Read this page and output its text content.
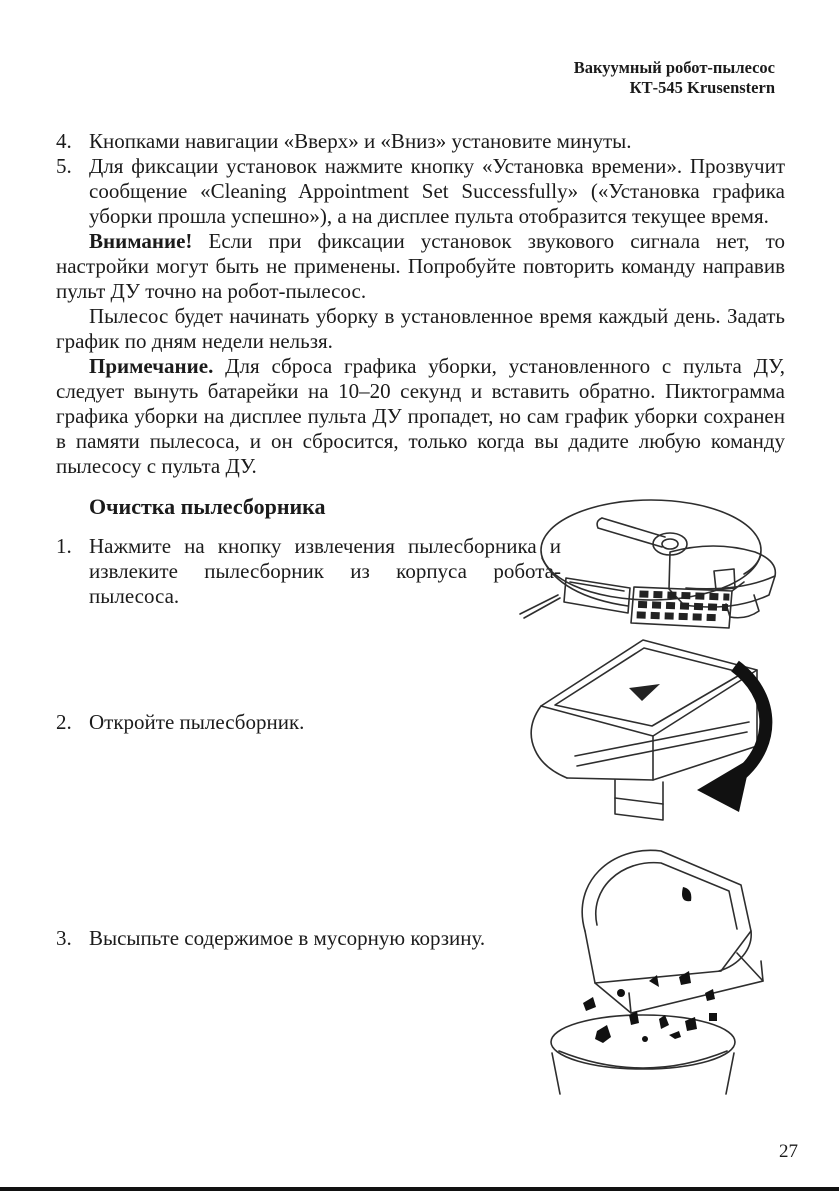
Вакуумный робот-пылесос
КТ-545 Krusenstern
4. Кнопками навигации «Вверх» и «Вниз» установите минуты.
5. Для фиксации установок нажмите кнопку «Установка времени». Прозвучит сообщение «Cleaning Appointment Set Successfully» («Установка графика уборки прошла успешно»), а на дисплее пульта отобразится текущее время.

Внимание! Если при фиксации установок звукового сигнала нет, то настройки могут быть не применены. Попробуйте повторить команду направив пульт ДУ точно на робот-пылесос.

Пылесос будет начинать уборку в установленное время каждый день. Задать график по дням недели нельзя.

Примечание. Для сброса графика уборки, установленного с пульта ДУ, следует вынуть батарейки на 10–20 секунд и вставить обратно. Пиктограмма графика уборки на дисплее пульта ДУ пропадет, но сам график уборки сохранен в памяти пылесоса, и он сбросится, только когда вы дадите любую команду пылесосу с пульта ДУ.

Очистка пылесборника
1. Нажмите на кнопку извлечения пылесборника и извлеките пылесборник из корпуса робота-пылесоса.
2. Откройте пылесборник.
3. Высыпьте содержимое в мусорную корзину.
27
